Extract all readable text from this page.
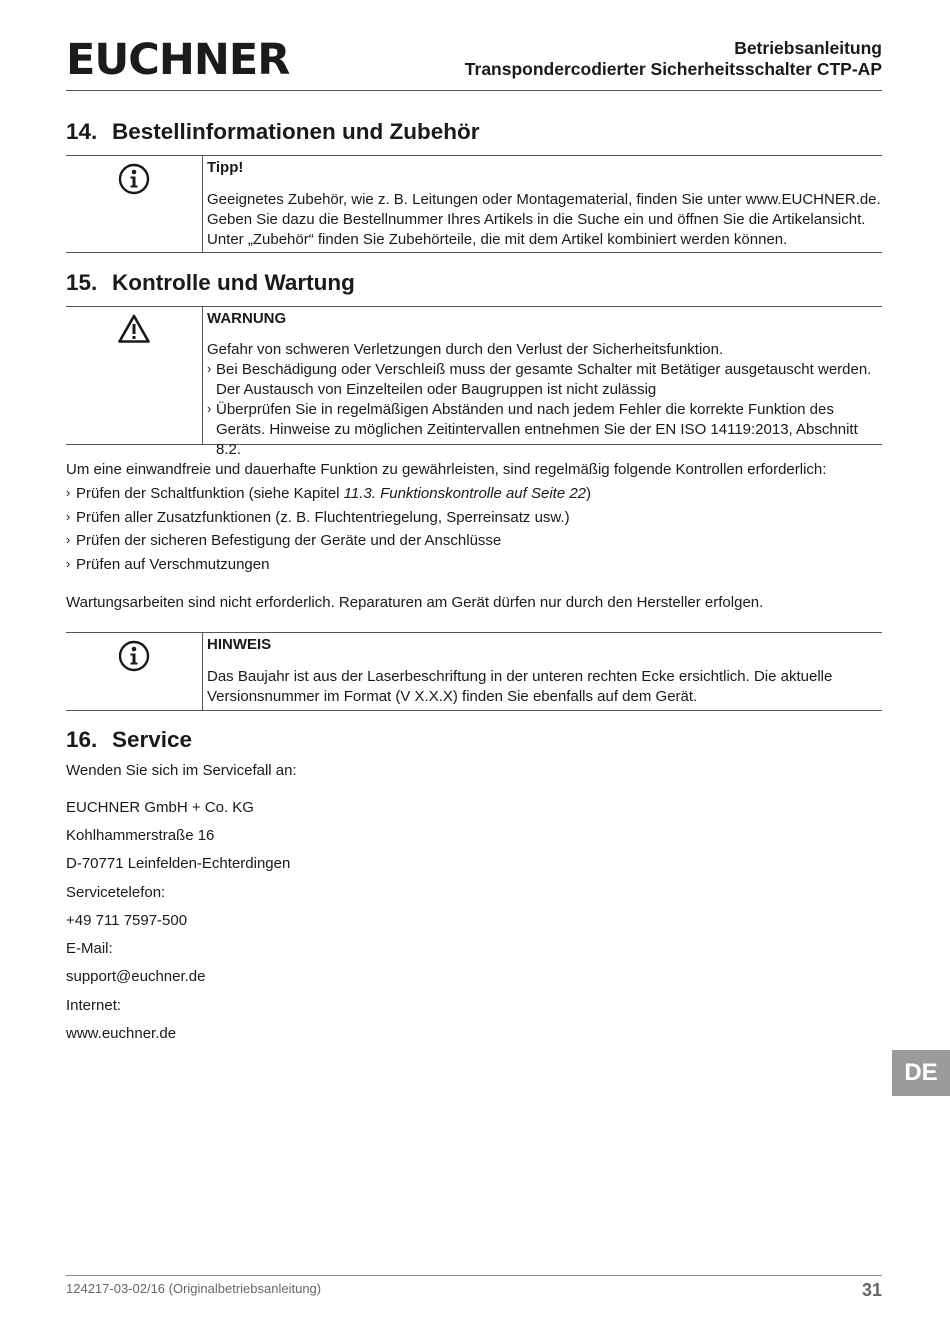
EUCHNER	Betriebsanleitung
Transpondercodierter Sicherheitsschalter CTP-AP
14. Bestellinformationen und Zubehör
Tipp!

Geeignetes Zubehör, wie z. B. Leitungen oder Montagematerial, finden Sie unter www.EUCHNER.de.

Geben Sie dazu die Bestellnummer Ihres Artikels in die Suche ein und öffnen Sie die Artikelansicht.

Unter „Zubehör“ finden Sie Zubehörteile, die mit dem Artikel kombiniert werden können.

15. Kontrolle und Wartung
WARNUNG

Gefahr von schweren Verletzungen durch den Verlust der Sicherheitsfunktion.

› Bei Beschädigung oder Verschleiß muss der gesamte Schalter mit Betätiger ausgetauscht werden. Der Austausch von Einzelteilen oder Baugruppen ist nicht zulässig

› Überprüfen Sie in regelmäßigen Abständen und nach jedem Fehler die korrekte Funktion des Geräts. Hinweise zu möglichen Zeitintervallen entnehmen Sie der EN ISO 14119:2013, Abschnitt 8.2.

Um eine einwandfreie und dauerhafte Funktion zu gewährleisten, sind regelmäßig folgende Kontrollen erforderlich:
› Prüfen der Schaltfunktion (siehe Kapitel 11.3. Funktionskontrolle auf Seite 22)
› Prüfen aller Zusatzfunktionen (z. B. Fluchtentriegelung, Sperreinsatz usw.)
› Prüfen der sicheren Befestigung der Geräte und der Anschlüsse
› Prüfen auf Verschmutzungen
Wartungsarbeiten sind nicht erforderlich. Reparaturen am Gerät dürfen nur durch den Hersteller erfolgen.
HINWEIS

Das Baujahr ist aus der Laserbeschriftung in der unteren rechten Ecke ersichtlich. Die aktuelle Versionsnummer im Format (V X.X.X) finden Sie ebenfalls auf dem Gerät.

16. Service
Wenden Sie sich im Servicefall an:
EUCHNER GmbH + Co. KG
Kohlhammerstraße 16
D-70771 Leinfelden-Echterdingen
Servicetelefon:
+49 711 7597-500
E-Mail:
support@euchner.de
Internet:
www.euchner.de
DE
124217-03-02/16 (Originalbetriebsanleitung)	31
